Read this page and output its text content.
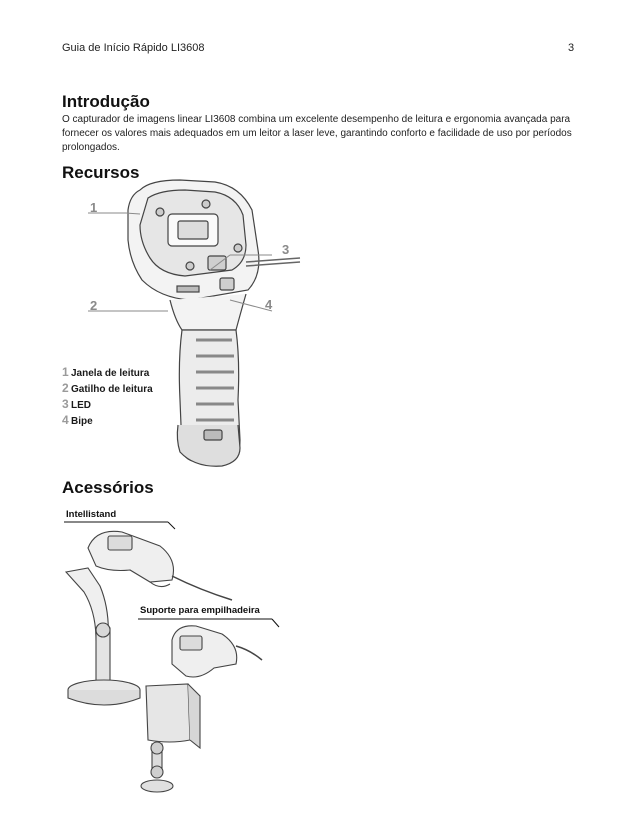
Guia de Início Rápido LI3608	3
Introdução
O capturador de imagens linear LI3608 combina um excelente desempenho de leitura e ergonomia avançada para fornecer os valores mais adequados em um leitor a laser leve, garantindo conforto e facilidade de uso por períodos prolongados.
Recursos
1
2
3
4
1 Janela de leitura
2 Gatilho de leitura
3 LED
4 Bipe
Acessórios
Intellistand
Suporte para empilhadeira
